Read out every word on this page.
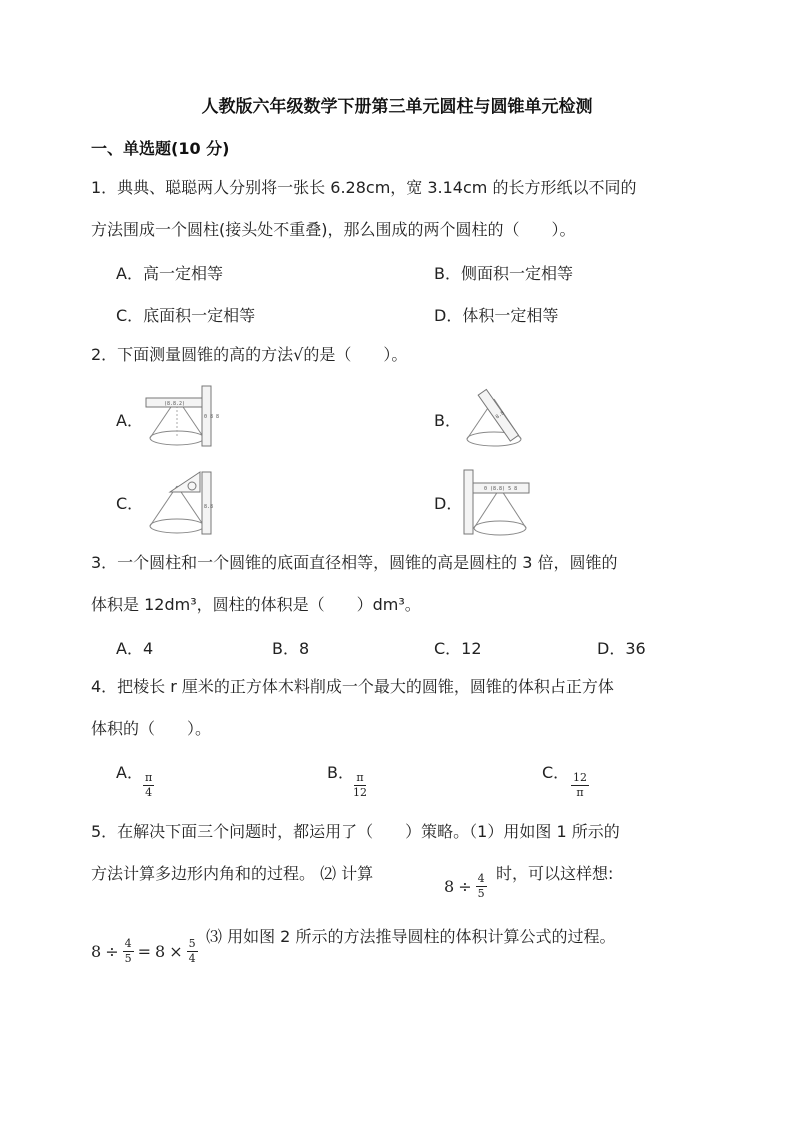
人教版六年级数学下册第三单元圆柱与圆锥单元检测
一、单选题(10 分)
1．典典、聪聪两人分别将一张长 6.28cm，宽 3.14cm 的长方形纸以不同的
方法围成一个圆柱(接头处不重叠)，那么围成的两个圆柱的（　　）。
A．高一定相等	B．侧面积一定相等
C．底面积一定相等	D．体积一定相等
2．下面测量圆锥的高的方法√的是（　　）。
A．
(8.8.2)
0 8 8	B．	8.8
C．	8.8	D．
0 (8.8) 5 8
3．一个圆柱和一个圆锥的底面直径相等，圆锥的高是圆柱的 3 倍，圆锥的
体积是 12dm³，圆柱的体积是（　　）dm³。
A．4	B．8	C．12	D．36
4．把棱长 r 厘米的正方体木料削成一个最大的圆锥，圆锥的体积占正方体
体积的（　　）。
A． $\frac{\pi}{4}$	B． $\frac{\pi}{12}$	C． $\frac{12}{\pi}$
5．在解决下面三个问题时，都运用了（　　）策略。（1）用如图 1 所示的
方法计算多边形内角和的过程。 ⑵ 计算
$8 \div \frac{4}{5}$ 时，可以这样想:
$8 \div \frac{4}{5} = 8 \times \frac{5}{4}$
⑶ 用如图 2 所示的方法推导圆柱的体积计算公式的过程。
